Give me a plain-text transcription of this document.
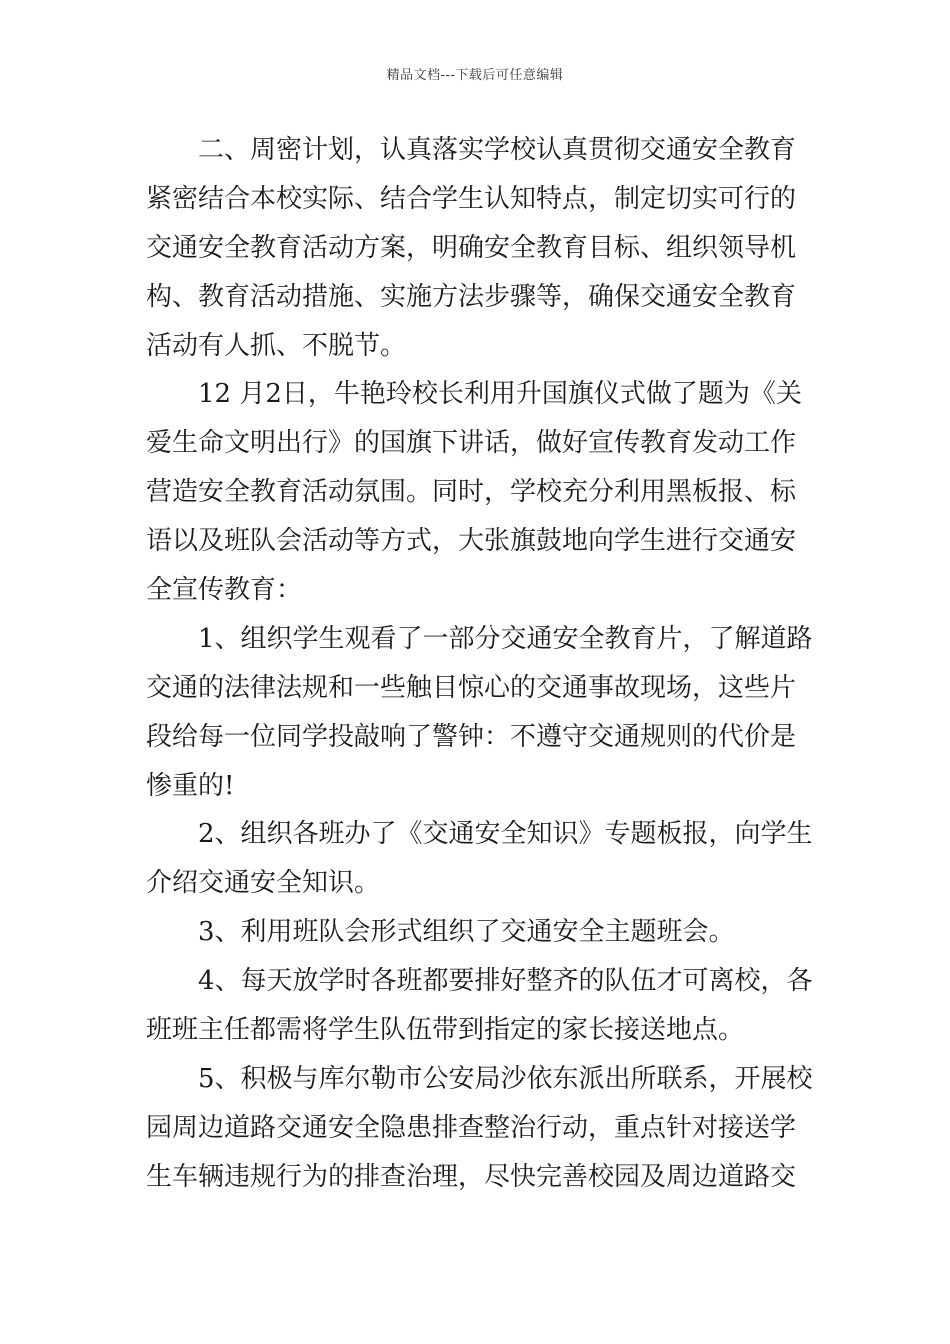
精品文档---下载后可任意编辑
二、周密计划，认真落实学校认真贯彻交通安全教育
紧密结合本校实际、结合学生认知特点，制定切实可行的
交通安全教育活动方案，明确安全教育目标、组织领导机
构、教育活动措施、实施方法步骤等，确保交通安全教育
活动有人抓、不脱节。
12 月2日，牛艳玲校长利用升国旗仪式做了题为《关
爱生命文明出行》的国旗下讲话，做好宣传教育发动工作
营造安全教育活动氛围。同时，学校充分利用黑板报、标
语以及班队会活动等方式，大张旗鼓地向学生进行交通安
全宣传教育：
1、组织学生观看了一部分交通安全教育片，了解道路
交通的法律法规和一些触目惊心的交通事故现场，这些片
段给每一位同学投敲响了警钟：不遵守交通规则的代价是
惨重的!
2、组织各班办了《交通安全知识》专题板报，向学生
介绍交通安全知识。
3、利用班队会形式组织了交通安全主题班会。
4、每天放学时各班都要排好整齐的队伍才可离校，各
班班主任都需将学生队伍带到指定的家长接送地点。
5、积极与库尔勒市公安局沙依东派出所联系，开展校
园周边道路交通安全隐患排查整治行动，重点针对接送学
生车辆违规行为的排查治理，尽快完善校园及周边道路交
